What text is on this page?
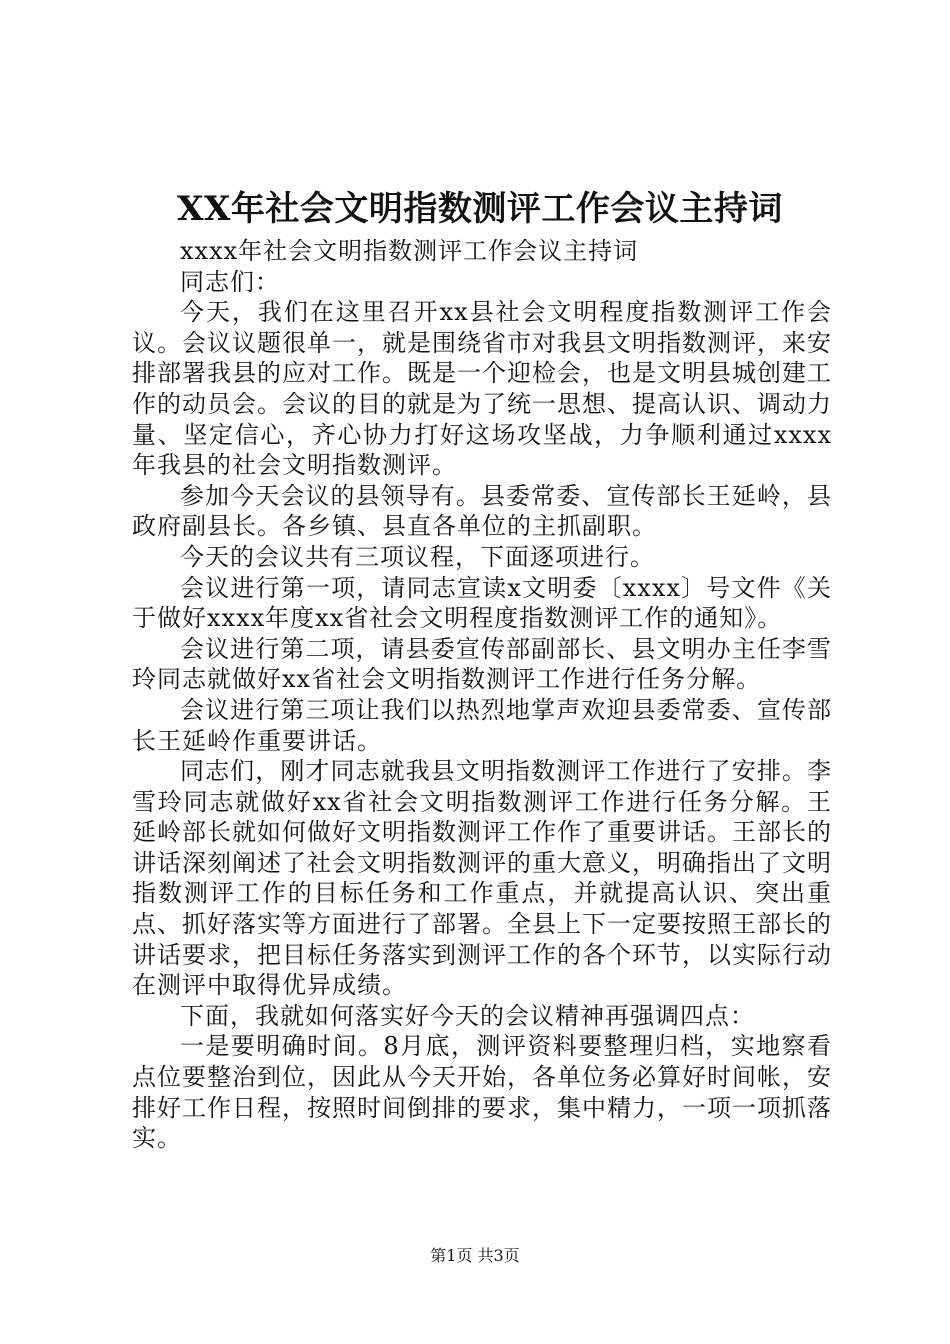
XX年社会文明指数测评工作会议主持词

xxxx年社会文明指数测评工作会议主持词

同志们：

今天，我们在这里召开xx县社会文明程度指数测评工作会议。会议议题很单一，就是围绕省市对我县文明指数测评，来安排部署我县的应对工作。既是一个迎检会，也是文明县城创建工作的动员会。会议的目的就是为了统一思想、提高认识、调动力量、坚定信心，齐心协力打好这场攻坚战，力争顺利通过xxxx年我县的社会文明指数测评。

参加今天会议的县领导有。县委常委、宣传部长王延岭，县政府副县长。各乡镇、县直各单位的主抓副职。

今天的会议共有三项议程，下面逐项进行。

会议进行第一项，请同志宣读x文明委〔xxxx〕号文件《关于做好xxxx年度xx省社会文明程度指数测评工作的通知》。

会议进行第二项，请县委宣传部副部长、县文明办主任李雪玲同志就做好xx省社会文明指数测评工作进行任务分解。

会议进行第三项让我们以热烈地掌声欢迎县委常委、宣传部长王延岭作重要讲话。

同志们，刚才同志就我县文明指数测评工作进行了安排。李雪玲同志就做好xx省社会文明指数测评工作进行任务分解。王延岭部长就如何做好文明指数测评工作作了重要讲话。王部长的讲话深刻阐述了社会文明指数测评的重大意义，明确指出了文明指数测评工作的目标任务和工作重点，并就提高认识、突出重点、抓好落实等方面进行了部署。全县上下一定要按照王部长的讲话要求，把目标任务落实到测评工作的各个环节，以实际行动在测评中取得优异成绩。

下面，我就如何落实好今天的会议精神再强调四点：

一是要明确时间。8月底，测评资料要整理归档，实地察看点位要整治到位，因此从今天开始，各单位务必算好时间帐，安排好工作日程，按照时间倒排的要求，集中精力，一项一项抓落实。

第1页 共3页
